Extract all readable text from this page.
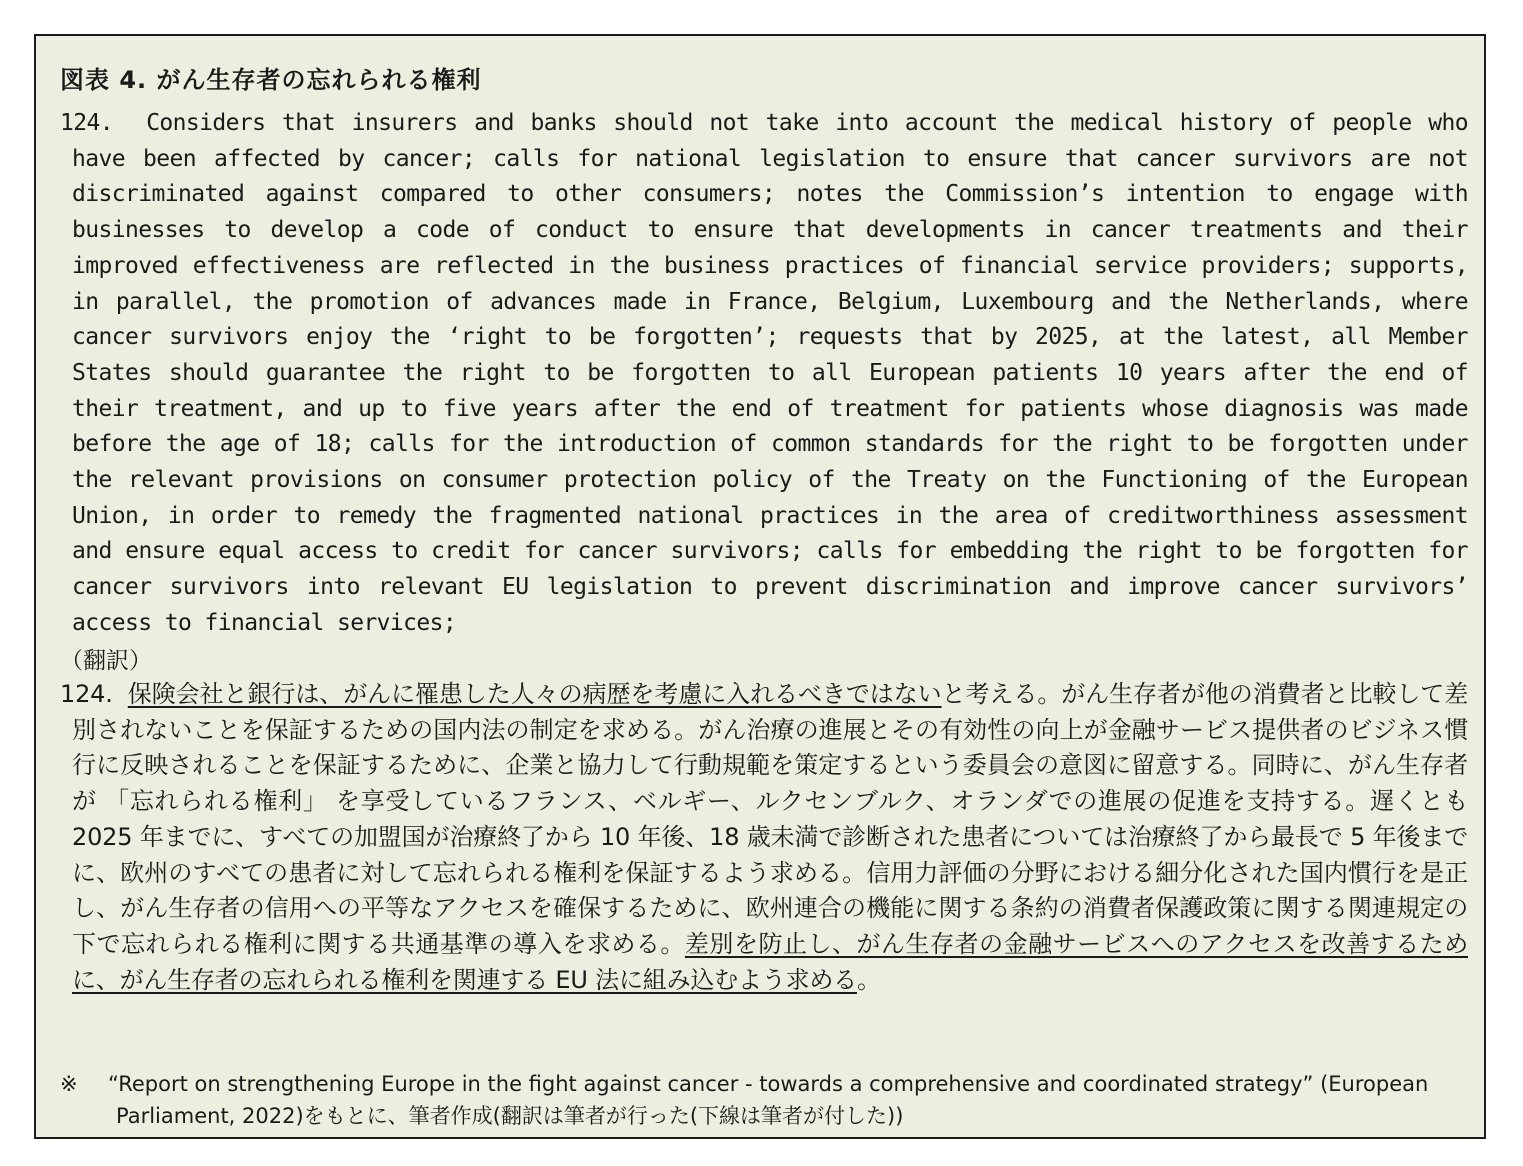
図表 4. がん生存者の忘れられる権利
124. Considers that insurers and banks should not take into account the medical history of people who have been affected by cancer; calls for national legislation to ensure that cancer survivors are not discriminated against compared to other consumers; notes the Commission’s intention to engage with businesses to develop a code of conduct to ensure that developments in cancer treatments and their improved effectiveness are reflected in the business practices of financial service providers; supports, in parallel, the promotion of advances made in France, Belgium, Luxembourg and the Netherlands, where cancer survivors enjoy the ‘right to be forgotten’; requests that by 2025, at the latest, all Member States should guarantee the right to be forgotten to all European patients 10 years after the end of their treatment, and up to five years after the end of treatment for patients whose diagnosis was made before the age of 18; calls for the introduction of common standards for the right to be forgotten under the relevant provisions on consumer protection policy of the Treaty on the Functioning of the European Union, in order to remedy the fragmented national practices in the area of creditworthiness assessment and ensure equal access to credit for cancer survivors; calls for embedding the right to be forgotten for cancer survivors into relevant EU legislation to prevent discrimination and improve cancer survivors’ access to financial services;
（翻訳）
124. 保険会社と銀行は、がんに罹患した人々の病歴を考慮に入れるべきではないと考える。がん生存者が他の消費者と比較して差別されないことを保証するための国内法の制定を求める。がん治療の進展とその有効性の向上が金融サービス提供者のビジネス慣行に反映されることを保証するために、企業と協力して行動規範を策定するという委員会の意図に留意する。同時に、がん生存者が 「忘れられる権利」 を享受しているフランス、ベルギー、ルクセンブルク、オランダでの進展の促進を支持する。遅くとも 2025 年までに、すべての加盟国が治療終了から 10 年後、18 歳未満で診断された患者については治療終了から最長で 5 年後までに、欧州のすべての患者に対して忘れられる権利を保証するよう求める。信用力評価の分野における細分化された国内慣行を是正し、がん生存者の信用への平等なアクセスを確保するために、欧州連合の機能に関する条約の消費者保護政策に関する関連規定の下で忘れられる権利に関する共通基準の導入を求める。差別を防止し、がん生存者の金融サービスへのアクセスを改善するために、がん生存者の忘れられる権利を関連する EU 法に組み込むよう求める。
※ “Report on strengthening Europe in the fight against cancer - towards a comprehensive and coordinated strategy” (European
Parliament, 2022)をもとに、筆者作成(翻訳は筆者が行った(下線は筆者が付した))
